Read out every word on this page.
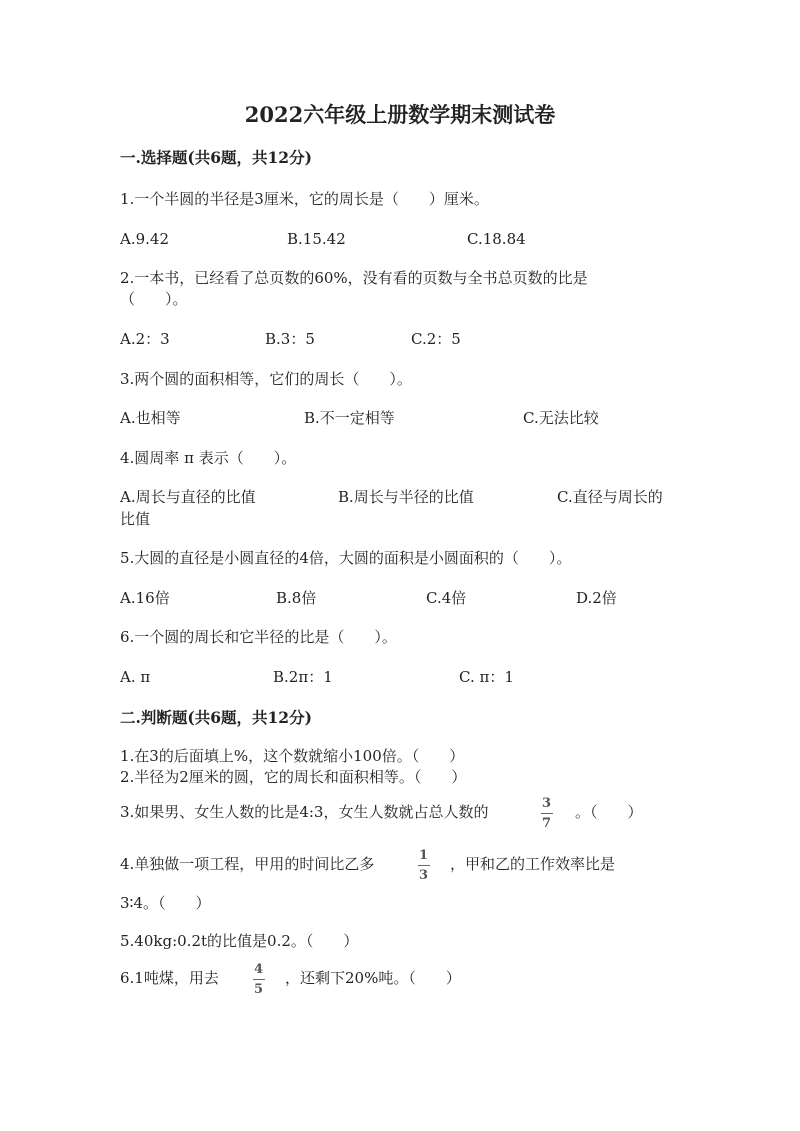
2022六年级上册数学期末测试卷
一.选择题(共6题，共12分)
1.一个半圆的半径是3厘米，它的周长是（　　）厘米。
A.9.42	B.15.42	C.18.84
2.一本书，已经看了总页数的60%，没有看的页数与全书总页数的比是
（　　）。
A.2：3	B.3：5	C.2：5
3.两个圆的面积相等，它们的周长（　　）。
A.也相等	B.不一定相等	C.无法比较
4.圆周率 π 表示（　　）。
A.周长与直径的比值	B.周长与半径的比值	C.直径与周长的
比值
5.大圆的直径是小圆直径的4倍，大圆的面积是小圆面积的（　　）。
A.16倍	B.8倍	C.4倍	D.2倍
6.一个圆的周长和它半径的比是（　　）。
A. π	B.2π：1	C. π：1
二.判断题(共6题，共12分)
1.在3的后面填上%，这个数就缩小100倍。（　　）
2.半径为2厘米的圆，它的周长和面积相等。（　　）
3.如果男、女生人数的比是4:3，女生人数就占总人数的	3
7
。（　　）
4.单独做一项工程，甲用的时间比乙多	1
3
，甲和乙的工作效率比是
3∶4。（　　）
5.40kg:0.2t的比值是0.2。（　　）
6.1吨煤，用去	4
5
，还剩下20%吨。（　　）
